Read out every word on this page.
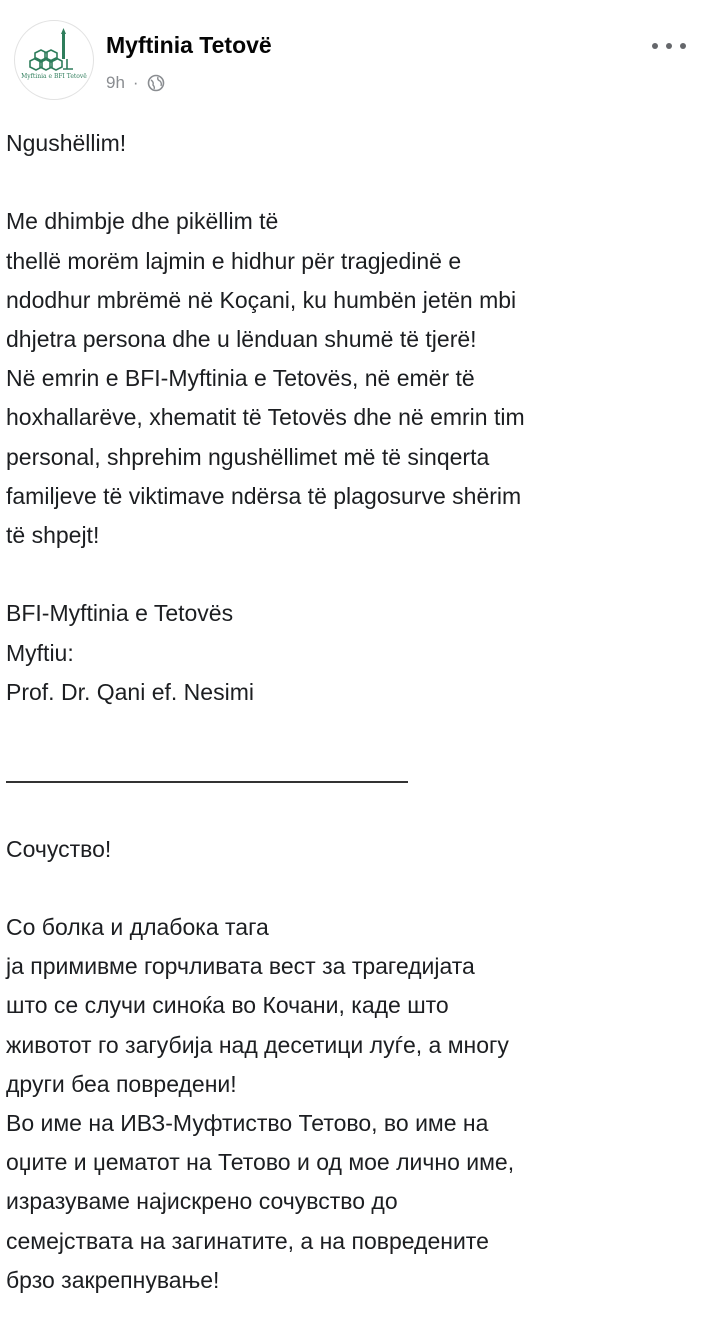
Myftinia e BFI Tetovë
Myftinia Tetovë
9h ·
Ngushëllim!
Me dhimbje dhe pikëllim të
thellë morëm lajmin e hidhur për tragjedinë e
ndodhur mbrëmë në Koçani, ku humbën jetën mbi
dhjetra persona dhe u lënduan shumë të tjerë!
Në emrin e BFI-Myftinia e Tetovës, në emër të
hoxhallarëve, xhematit të Tetovës dhe në emrin tim
personal, shprehim ngushëllimet më të sinqerta
familjeve të viktimave ndërsa të plagosurve shërim
të shpejt!
BFI-Myftinia e Tetovës
Myftiu:
Prof. Dr. Qani ef. Nesimi
Сочуство!
Со болка и длабока тага
ја примивме горчливата вест за трагедијата
што се случи синоќа во Кочани, каде што
животот го загубија над десетици луѓе, а многу
други беа повредени!
Во име на ИВЗ-Муфтиство Тетово, во име на
оџите и џематот на Тетово и од мое лично име,
изразуваме најискрено сочувство до
семејствата на загинатите, а на повредените
брзо закрепнување!
